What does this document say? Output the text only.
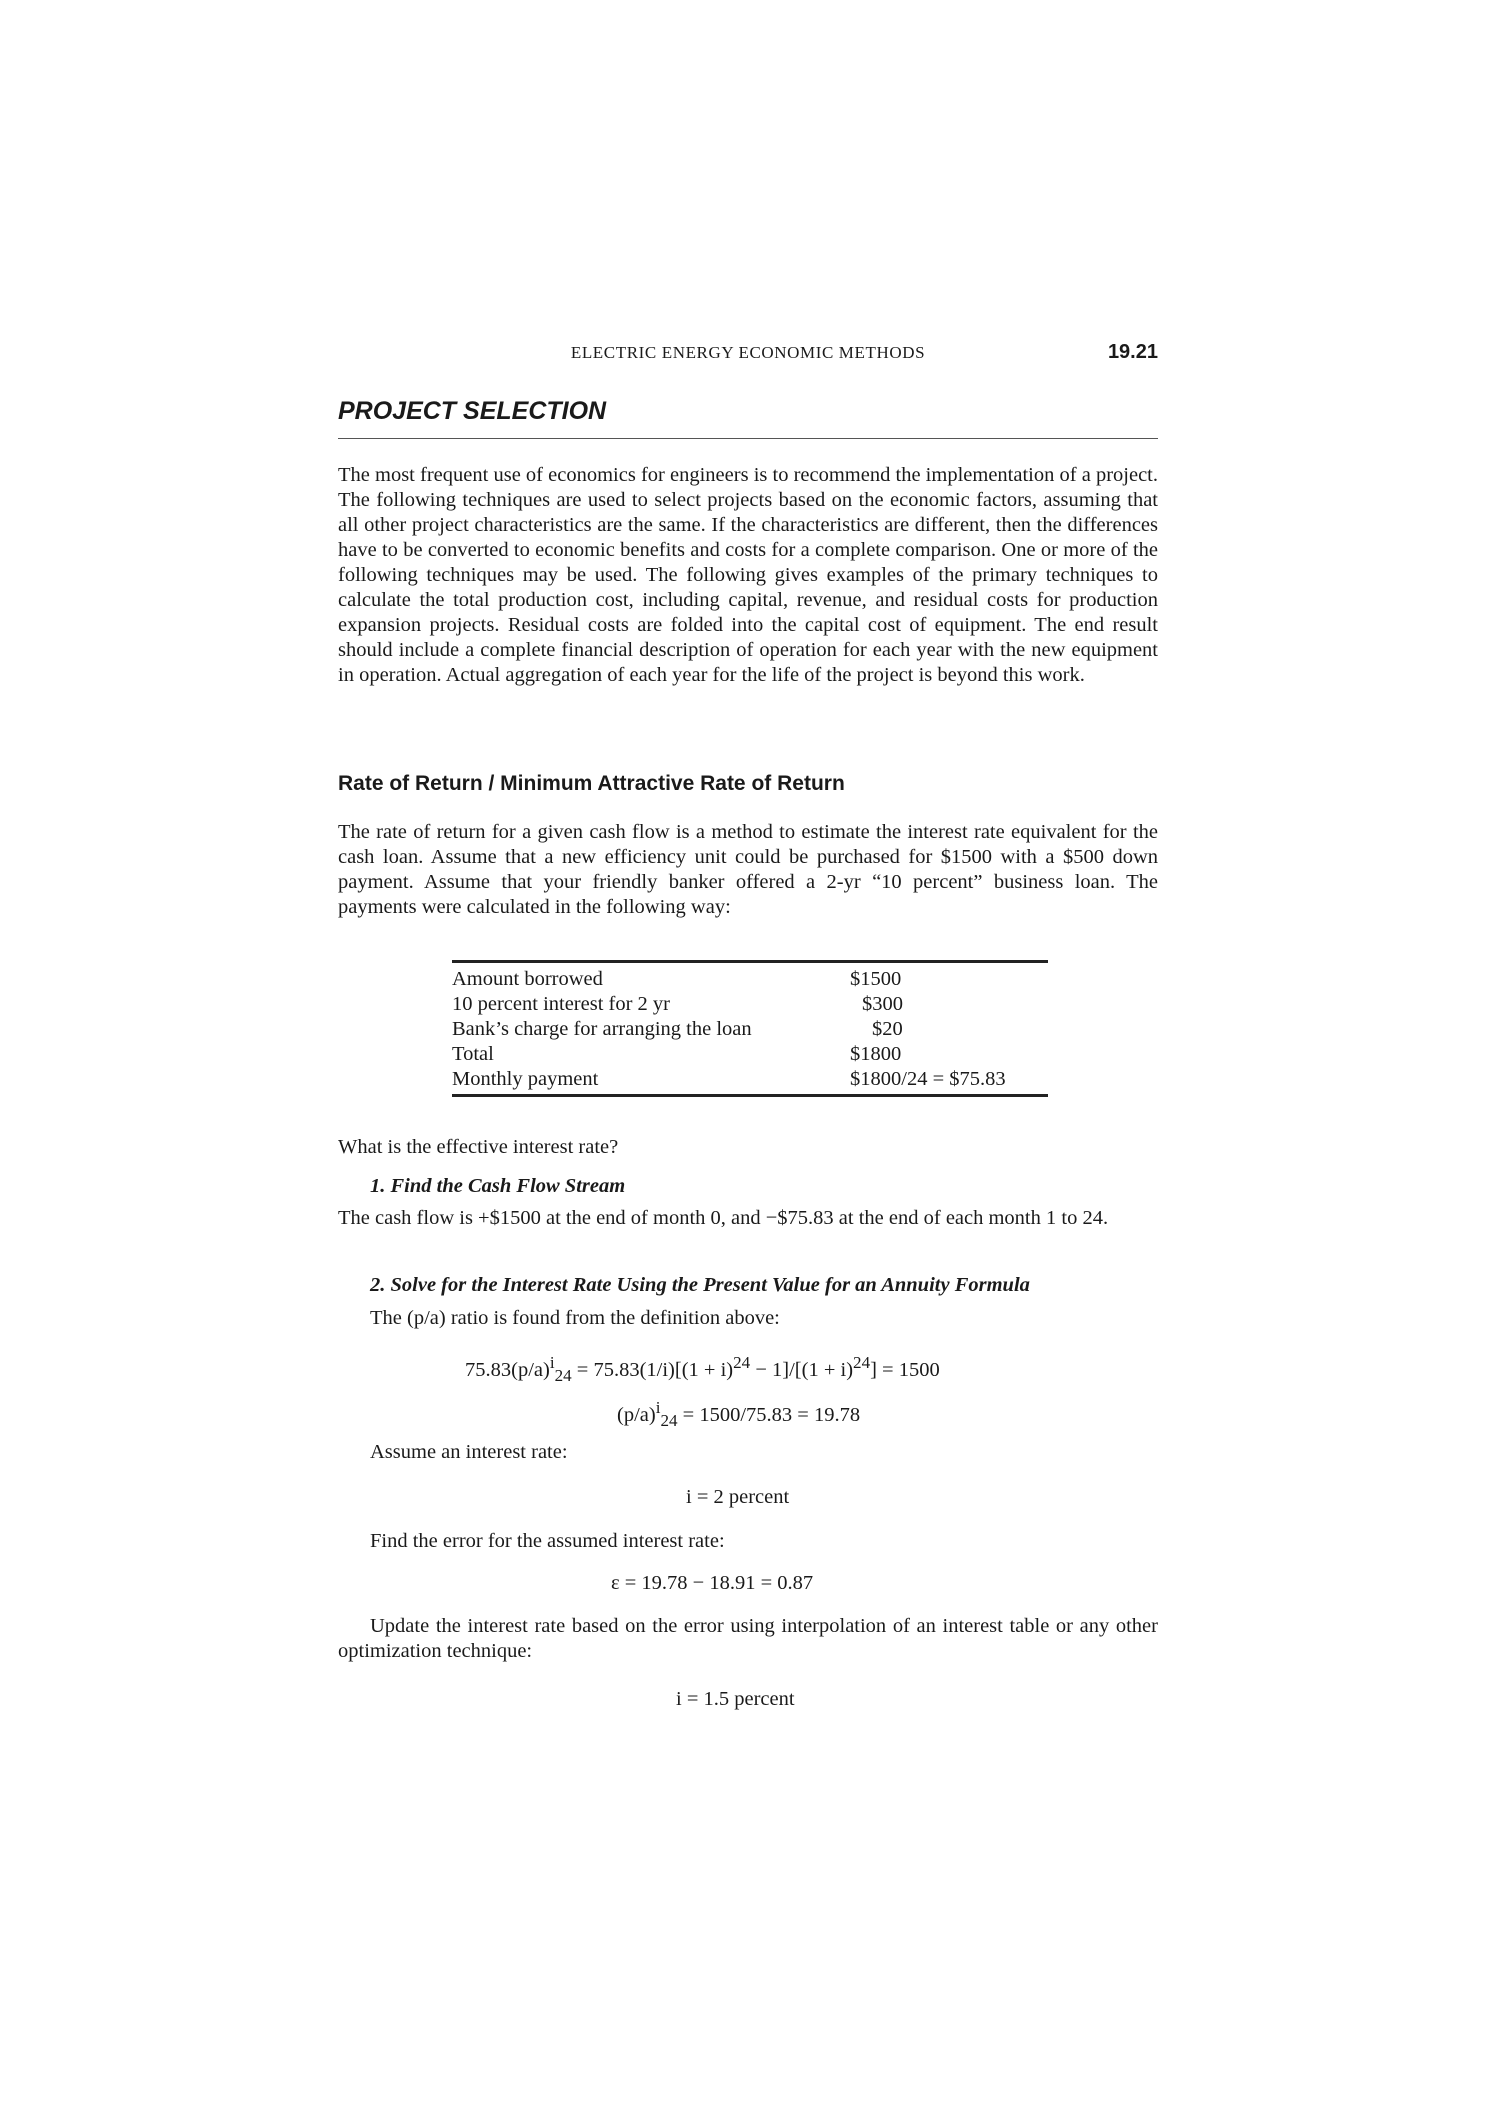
ELECTRIC ENERGY ECONOMIC METHODS	19.21
PROJECT SELECTION
The most frequent use of economics for engineers is to recommend the implementation of a project. The following techniques are used to select projects based on the economic factors, assuming that all other project characteristics are the same. If the characteristics are different, then the differences have to be converted to economic benefits and costs for a complete comparison. One or more of the following techniques may be used. The following gives examples of the primary techniques to calculate the total production cost, including capital, revenue, and residual costs for production expansion projects. Residual costs are folded into the capital cost of equipment. The end result should include a complete financial description of operation for each year with the new equipment in operation. Actual aggregation of each year for the life of the project is beyond this work.
Rate of Return / Minimum Attractive Rate of Return
The rate of return for a given cash flow is a method to estimate the interest rate equivalent for the cash loan. Assume that a new efficiency unit could be purchased for $1500 with a $500 down payment. Assume that your friendly banker offered a 2-yr “10 percent” business loan. The payments were calculated in the following way:
Amount borrowed	$1500
10 percent interest for 2 yr	$300
Bank’s charge for arranging the loan	$20
Total	$1800
Monthly payment	$1800/24 = $75.83
What is the effective interest rate?
1. Find the Cash Flow Stream
The cash flow is +$1500 at the end of month 0, and −$75.83 at the end of each month 1 to 24.
2. Solve for the Interest Rate Using the Present Value for an Annuity Formula
The (p/a) ratio is found from the definition above:
$75.83(p/a)^i_{24} = 75.83(1/i)[(1 + i)^{24} - 1]/[(1 + i)^{24}] = 1500$
$(p/a)^i_{24} = 1500/75.83 = 19.78$
Assume an interest rate:
i = 2 percent
Find the error for the assumed interest rate:
ε = 19.78 − 18.91 = 0.87
Update the interest rate based on the error using interpolation of an interest table or any other optimization technique:
i = 1.5 percent
